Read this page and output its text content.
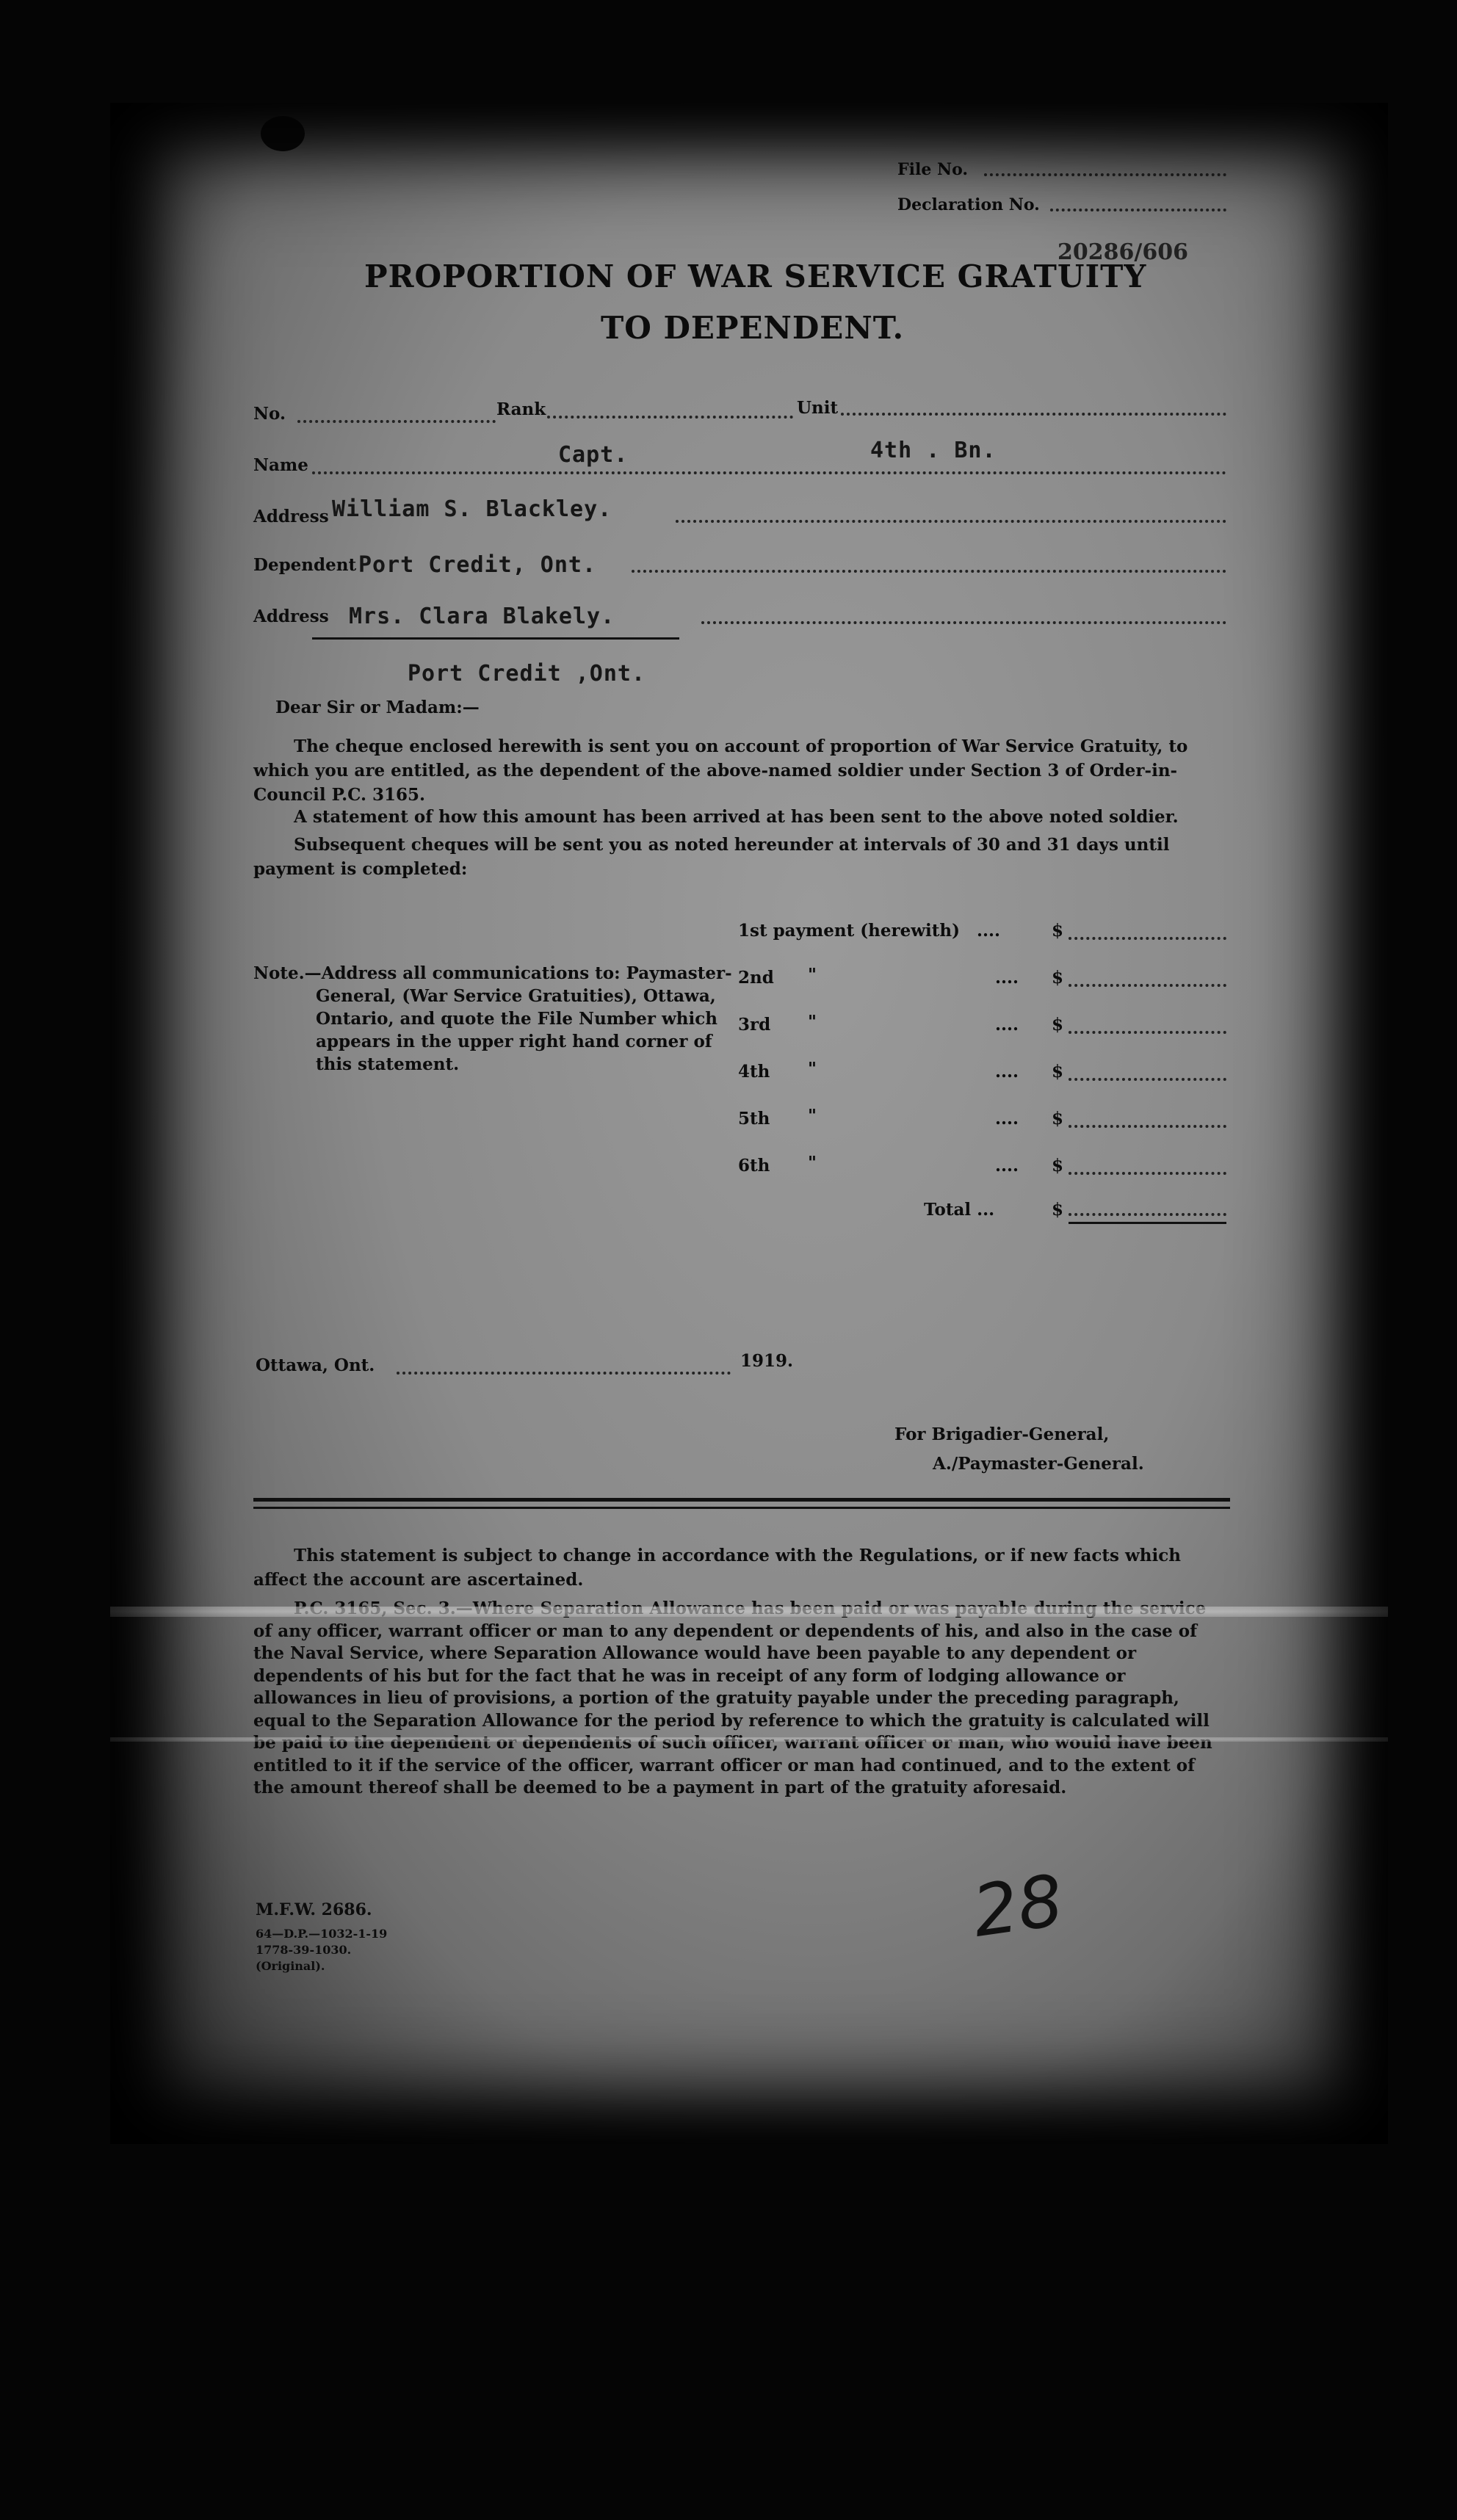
File No.
Declaration No.
20286/606
PROPORTION OF WAR SERVICE GRATUITY
TO DEPENDENT.
No.	Rank	Unit
Name	Capt.	4th . Bn.
Address William S. Blackley.
Dependent Port Credit, Ont.
Address Mrs. Clara Blakely.
Port Credit ,Ont.
Dear Sir or Madam:—
The cheque enclosed herewith is sent you on account of proportion of War Service Gratuity, to which you are entitled, as the dependent of the above-named soldier under Section 3 of Order-in-Council P.C. 3165.
A statement of how this amount has been arrived at has been sent to the above noted soldier.
Subsequent cheques will be sent you as noted hereunder at intervals of 30 and 31 days until payment is completed:
Note.—Address all communications to: Paymaster-General, (War Service Gratuities), Ottawa, Ontario, and quote the File Number which appears in the upper right hand corner of this statement.
1st payment (herewith) ....	$
2nd "	.... $
3rd "	.... $
4th "	.... $
5th "	.... $
6th "	.... $
Total ...	$
Ottawa, Ont.	1919.
For Brigadier-General,
A./Paymaster-General.
This statement is subject to change in accordance with the Regulations, or if new facts which affect the account are ascertained.
of any officer, warrant officer or man to any dependent or dependents of his, and also in the case of the Naval Service, where Separation Allowance would have been payable to any dependent or dependents of his but for the fact that he was in receipt of any form of lodging allowance or allowances in lieu of provisions, a portion of the gratuity payable under the preceding paragraph, equal to the Separation Allowance for the period by reference to which the gratuity is calculated will be paid to the dependent or dependents of such officer, warrant officer or man, who would have been entitled to it if the service of the officer, warrant officer or man had continued, and to the extent of the amount thereof shall be deemed to be a payment in part of the gratuity aforesaid.
M.F.W. 2686.
64—D.P.—1032-1-19
1778-39-1030.
(Original).
28
